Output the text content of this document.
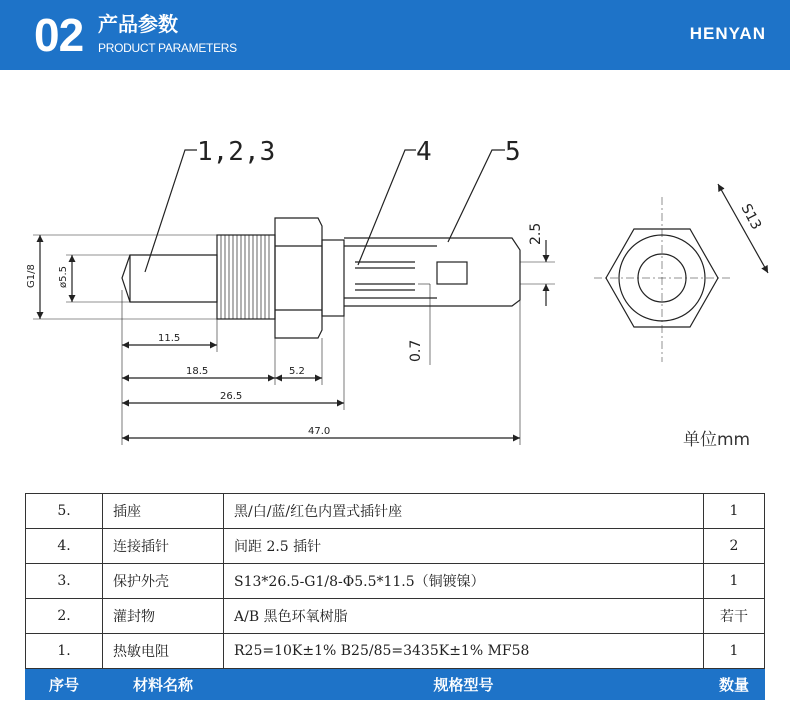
02 产品参数
PRODUCT PARAMETERS
HENYAN
1,2,3	4	5
G1/8 ø5.5
2.5
0.7
S13
11.5
18.5	5.2
26.5
47.0	单位mm
5.	插座	黑/白/蓝/红色内置式插针座	1
4.	连接插针	间距 2.5 插针	2
3.	保护外壳	S13*26.5-G1/8-Φ5.5*11.5（铜镀镍）	1
2.	灌封物	A/B 黑色环氧树脂	若干
1.	热敏电阻	R25=10K±1% B25/85=3435K±1% MF58	1
序号	材料名称	规格型号	数量
